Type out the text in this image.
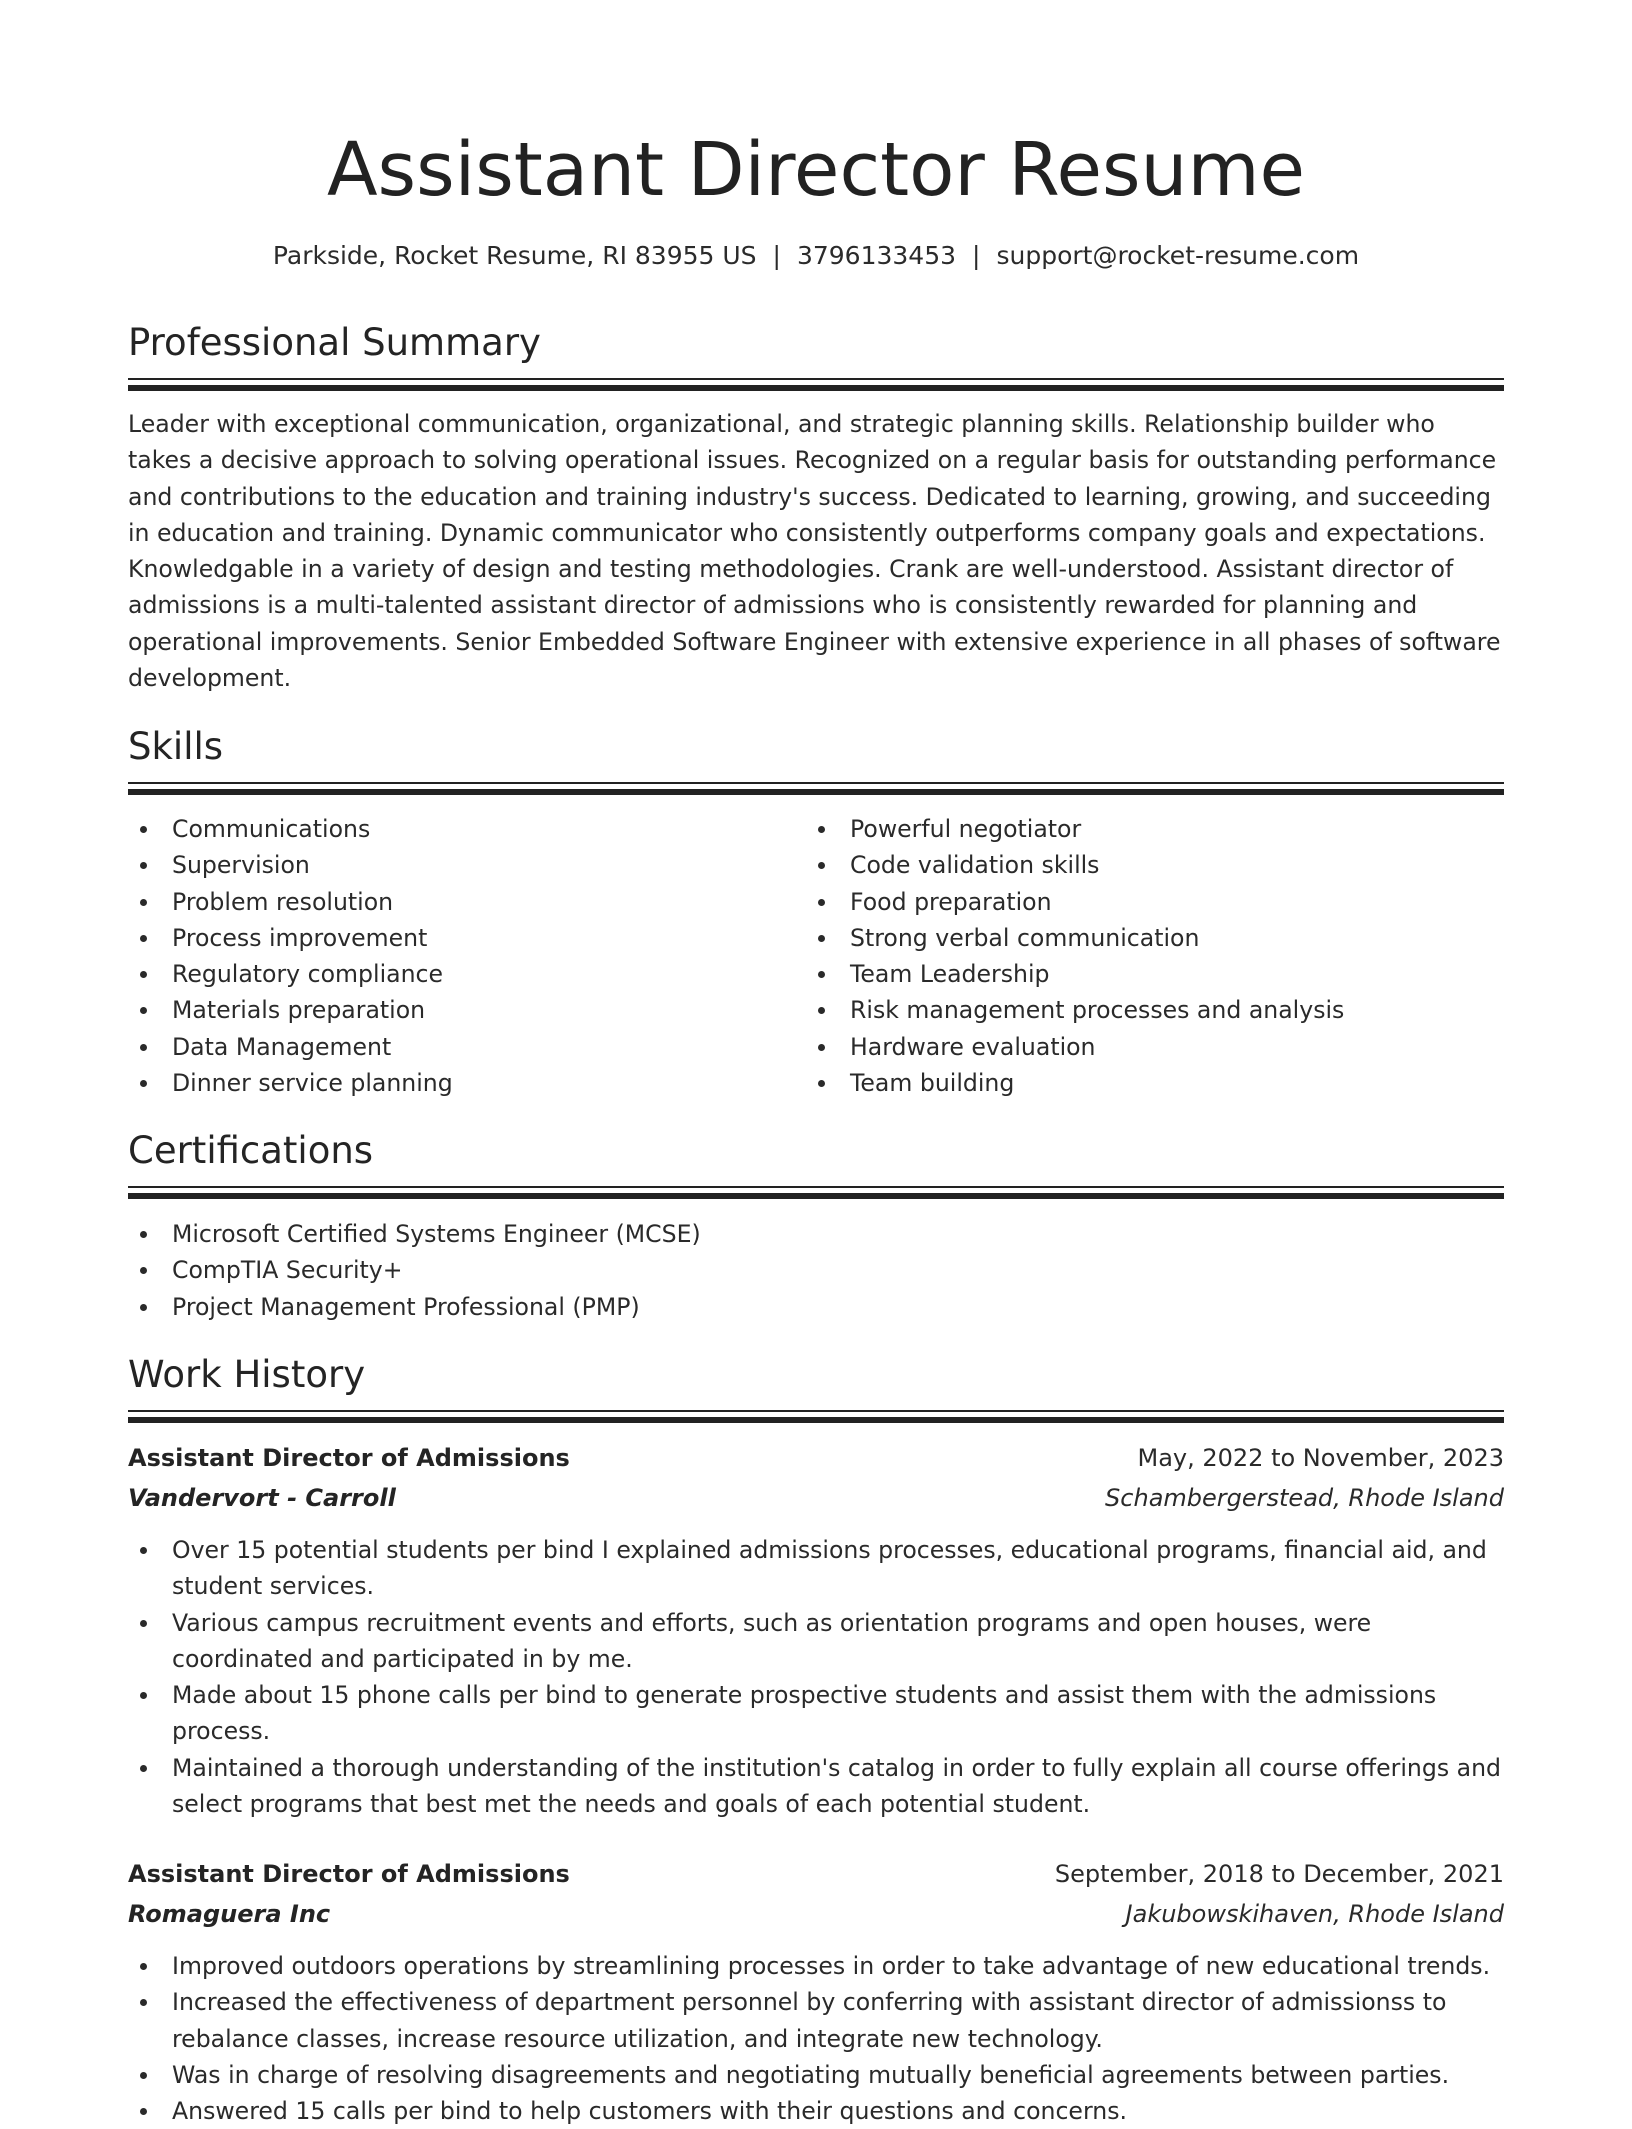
Assistant Director Resume
Parkside, Rocket Resume, RI 83955 US | 3796133453 | support@rocket-resume.com
Professional Summary
Leader with exceptional communication, organizational, and strategic planning skills. Relationship builder who takes a decisive approach to solving operational issues. Recognized on a regular basis for outstanding performance and contributions to the education and training industry's success. Dedicated to learning, growing, and succeeding in education and training. Dynamic communicator who consistently outperforms company goals and expectations. Knowledgable in a variety of design and testing methodologies. Crank are well-understood. Assistant director of admissions is a multi-talented assistant director of admissions who is consistently rewarded for planning and operational improvements. Senior Embedded Software Engineer with extensive experience in all phases of software development.
Skills
Communications
Supervision
Problem resolution
Process improvement
Regulatory compliance
Materials preparation
Data Management
Dinner service planning
Powerful negotiator
Code validation skills
Food preparation
Strong verbal communication
Team Leadership
Risk management processes and analysis
Hardware evaluation
Team building
Certifications
Microsoft Certified Systems Engineer (MCSE)
CompTIA Security+
Project Management Professional (PMP)
Work History
Assistant Director of Admissions	May, 2022 to November, 2023
Vandervort - Carroll	Schambergerstead, Rhode Island
Over 15 potential students per bind I explained admissions processes, educational programs, financial aid, and student services.
Various campus recruitment events and efforts, such as orientation programs and open houses, were coordinated and participated in by me.
Made about 15 phone calls per bind to generate prospective students and assist them with the admissions process.
Maintained a thorough understanding of the institution's catalog in order to fully explain all course offerings and select programs that best met the needs and goals of each potential student.
Assistant Director of Admissions	September, 2018 to December, 2021
Romaguera Inc	Jakubowskihaven, Rhode Island
Improved outdoors operations by streamlining processes in order to take advantage of new educational trends.
Increased the effectiveness of department personnel by conferring with assistant director of admissionss to rebalance classes, increase resource utilization, and integrate new technology.
Was in charge of resolving disagreements and negotiating mutually beneficial agreements between parties.
Answered 15 calls per bind to help customers with their questions and concerns.
